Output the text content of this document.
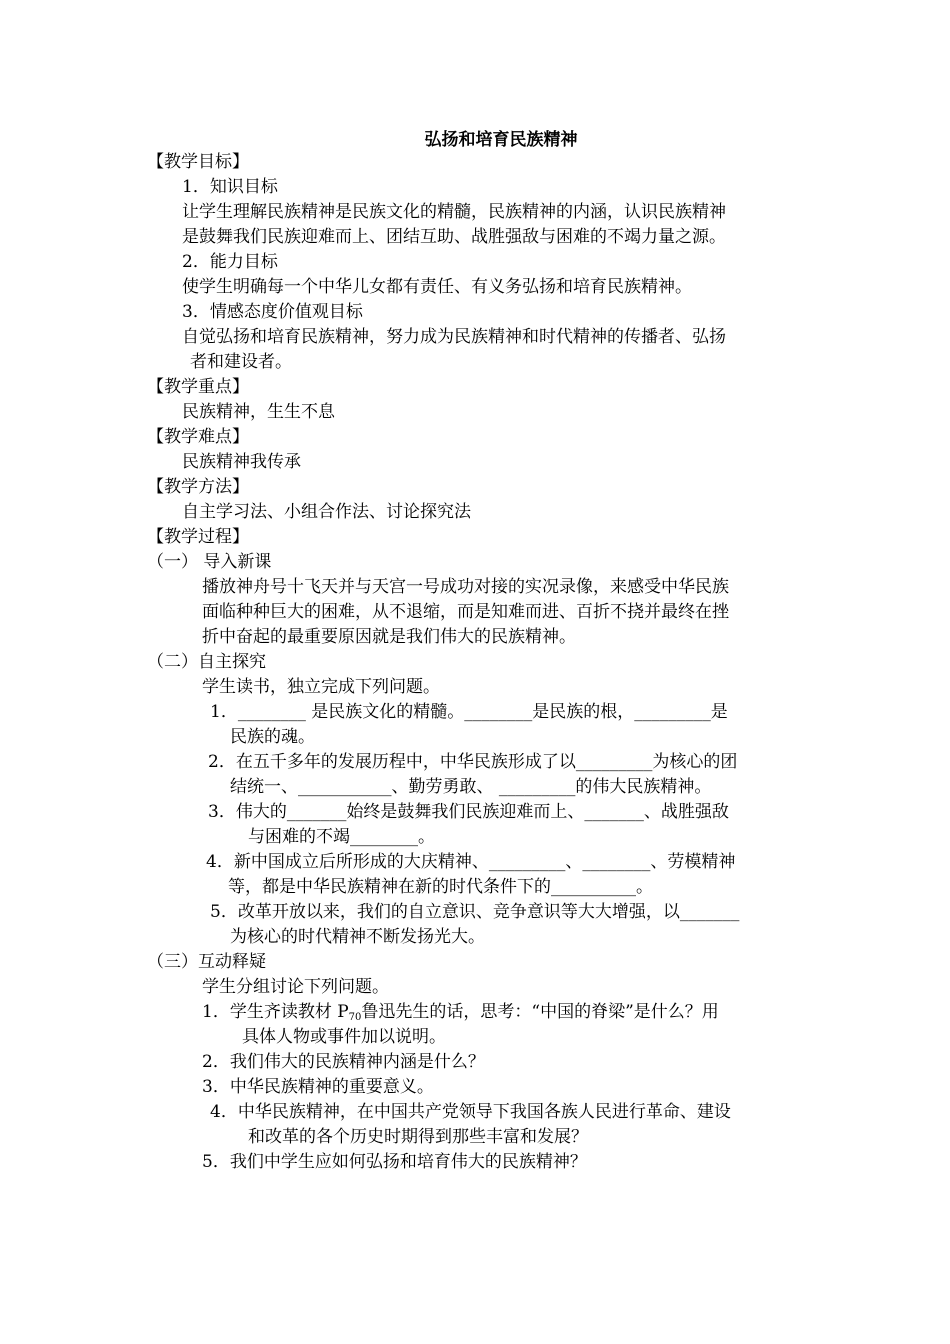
弘扬和培育民族精神
【教学目标】
1．知识目标
让学生理解民族精神是民族文化的精髓，民族精神的内涵，认识民族精神
是鼓舞我们民族迎难而上、团结互助、战胜强敌与困难的不竭力量之源。
2．能力目标
使学生明确每一个中华儿女都有责任、有义务弘扬和培育民族精神。
3．情感态度价值观目标
自觉弘扬和培育民族精神，努力成为民族精神和时代精神的传播者、弘扬
者和建设者。
【教学重点】
民族精神，生生不息
【教学难点】
民族精神我传承
【教学方法】
自主学习法、小组合作法、讨论探究法
【教学过程】
（一） 导入新课
播放神舟号十飞天并与天宫一号成功对接的实况录像，来感受中华民族
面临种种巨大的困难，从不退缩，而是知难而进、百折不挠并最终在挫
折中奋起的最重要原因就是我们伟大的民族精神。
（二）自主探究
学生读书，独立完成下列问题。
1．________ 是民族文化的精髓。________是民族的根，_________是
民族的魂。
2．在五千多年的发展历程中，中华民族形成了以_________为核心的团
结统一、___________、勤劳勇敢、 _________的伟大民族精神。
3．伟大的_______始终是鼓舞我们民族迎难而上、_______、战胜强敌
与困难的不竭________。
4．新中国成立后所形成的大庆精神、_________、________、劳模精神
等，都是中华民族精神在新的时代条件下的__________。
5．改革开放以来，我们的自立意识、竞争意识等大大增强，以_______
为核心的时代精神不断发扬光大。
（三）互动释疑
学生分组讨论下列问题。
1．学生齐读教材 $P_{70}$鲁迅先生的话，思考：“中国的脊梁”是什么？用
具体人物或事件加以说明。
2．我们伟大的民族精神内涵是什么？
3．中华民族精神的重要意义。
4．中华民族精神，在中国共产党领导下我国各族人民进行革命、建设
和改革的各个历史时期得到那些丰富和发展？
5．我们中学生应如何弘扬和培育伟大的民族精神？
